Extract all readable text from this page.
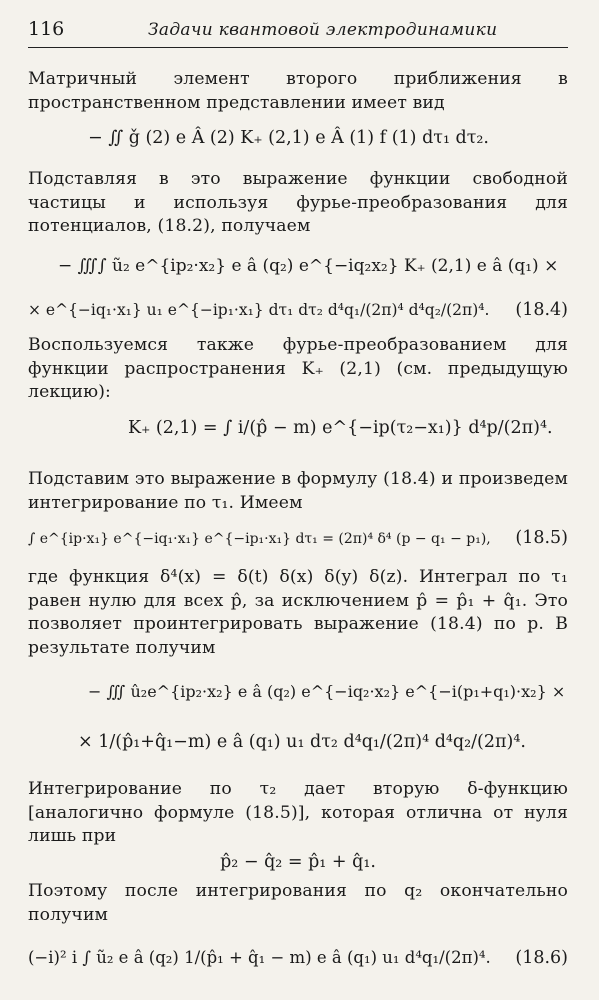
116	Задачи квантовой электродинамики
Матричный элемент второго приближения в пространственном представлении имеет вид
− ∬ ǧ (2) e Â (2) K₊ (2,1) e Â (1) f (1) dτ₁ dτ₂.
Подставляя в это выражение функции свободной частицы и используя фурье-преобразования для потенциалов, (18.2), получаем
− ∭∫ ũ₂ e^{ip₂·x₂} e â (q₂) e^{−iq₂x₂} K₊ (2,1) e â (q₁) ×
× e^{−iq₁·x₁} u₁ e^{−ip₁·x₁} dτ₁ dτ₂ d⁴q₁/(2π)⁴ d⁴q₂/(2π)⁴. (18.4)
Воспользуемся также фурье-преобразованием для функции распространения K₊ (2,1) (см. предыдущую лекцию):
K₊ (2,1) = ∫ i/(p̂ − m) e^{−ip(τ₂−x₁)} d⁴p/(2π)⁴.
Подставим это выражение в формулу (18.4) и произведем интегрирование по τ₁. Имеем
∫ e^{ip·x₁} e^{−iq₁·x₁} e^{−ip₁·x₁} dτ₁ = (2π)⁴ δ⁴ (p − q₁ − p₁), (18.5)
где функция δ⁴(x) = δ(t) δ(x) δ(y) δ(z). Интеграл по τ₁ равен нулю для всех p̂, за исключением p̂ = p̂₁ + q̂₁. Это позволяет проинтегрировать выражение (18.4) по p. В результате получим
− ∭ û₂e^{ip₂·x₂} e â (q₂) e^{−iq₂·x₂} e^{−i(p₁+q₁)·x₂} ×
× 1/(p̂₁+q̂₁−m) e â (q₁) u₁ dτ₂ d⁴q₁/(2π)⁴ d⁴q₂/(2π)⁴.
Интегрирование по τ₂ дает вторую δ-функцию [аналогично формуле (18.5)], которая отлична от нуля лишь при
p̂₂ − q̂₂ = p̂₁ + q̂₁.
Поэтому после интегрирования по q₂ окончательно получим
(−i)² i ∫ ũ₂ e â (q₂) 1/(p̂₁ + q̂₁ − m) e â (q₁) u₁ d⁴q₁/(2π)⁴. (18.6)
